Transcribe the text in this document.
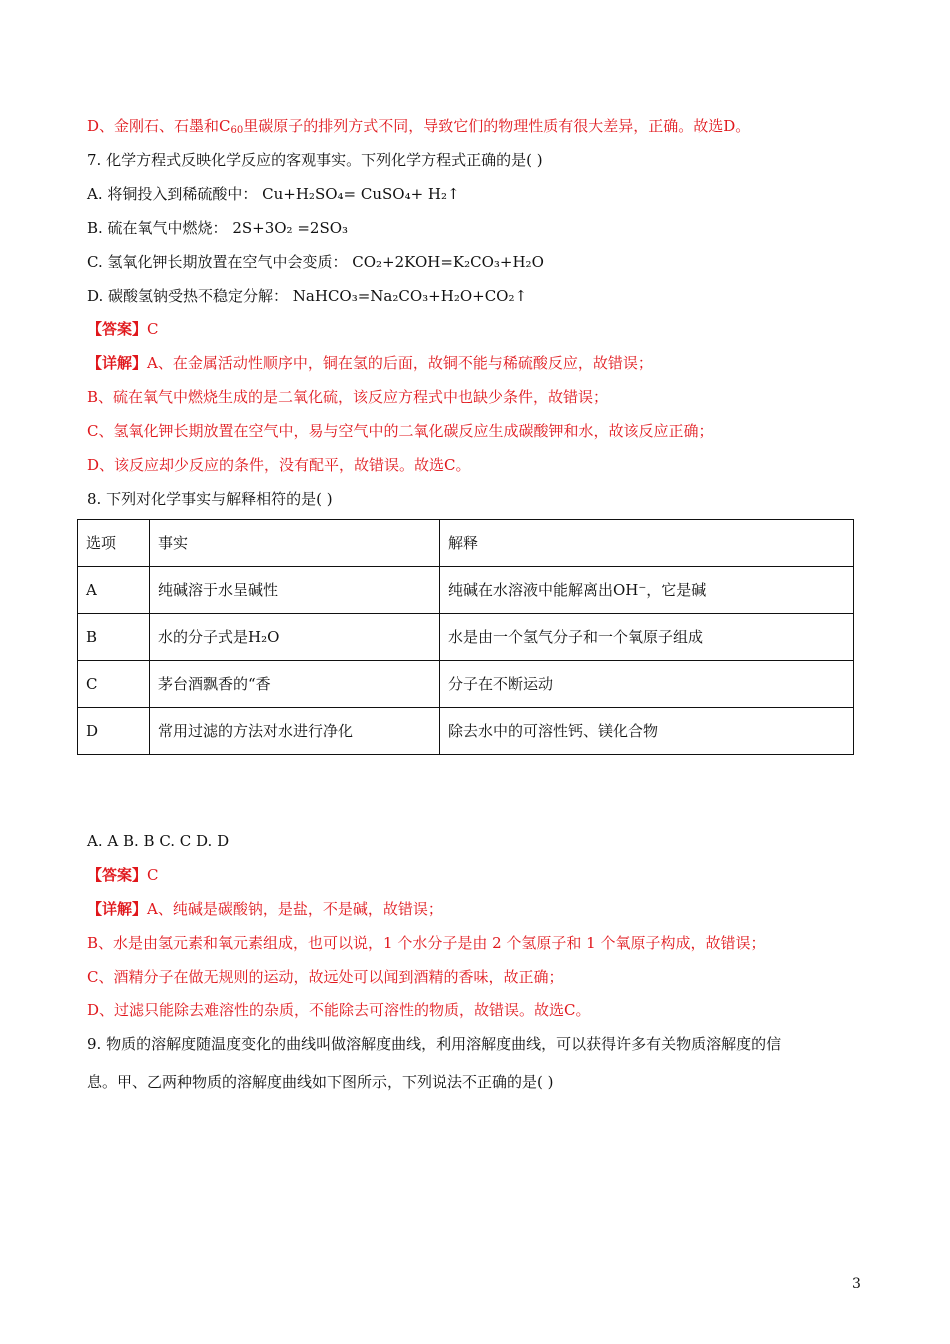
D、金刚石、石墨和$C_{60}$里碳原子的排列方式不同，导致它们的物理性质有很大差异，正确。故选D。
7. 化学方程式反映化学反应的客观事实。下列化学方程式正确的是( )
A. 将铜投入到稀硫酸中： Cu+H₂SO₄= CuSO₄+ H₂↑
B. 硫在氧气中燃烧： 2S+3O₂ =2SO₃
C. 氢氧化钾长期放置在空气中会变质： CO₂+2KOH=K₂CO₃+H₂O
D. 碳酸氢钠受热不稳定分解： NaHCO₃=Na₂CO₃+H₂O+CO₂↑
【答案】C
【详解】A、在金属活动性顺序中，铜在氢的后面，故铜不能与稀硫酸反应，故错误；
B、硫在氧气中燃烧生成的是二氧化硫，该反应方程式中也缺少条件，故错误；
C、氢氧化钾长期放置在空气中，易与空气中的二氧化碳反应生成碳酸钾和水，故该反应正确；
D、该反应却少反应的条件，没有配平，故错误。故选C。
8. 下列对化学事实与解释相符的是( )
选项	事实	解释
A	纯碱溶于水呈碱性	纯碱在水溶液中能解离出OH⁻，它是碱
B	水的分子式是H₂O	水是由一个氢气分子和一个氧原子组成
C	茅台酒飘香的“香	分子在不断运动
D	常用过滤的方法对水进行净化	除去水中的可溶性钙、镁化合物
A. A B. B C. C D. D
【答案】C
【详解】A、纯碱是碳酸钠，是盐，不是碱，故错误；
B、水是由氢元素和氧元素组成，也可以说，1 个水分子是由 2 个氢原子和 1 个氧原子构成，故错误；
C、酒精分子在做无规则的运动，故远处可以闻到酒精的香味，故正确；
D、过滤只能除去难溶性的杂质，不能除去可溶性的物质，故错误。故选C。
9. 物质的溶解度随温度变化的曲线叫做溶解度曲线，利用溶解度曲线，可以获得许多有关物质溶解度的信
息。甲、乙两种物质的溶解度曲线如下图所示，下列说法不正确的是( )
3
